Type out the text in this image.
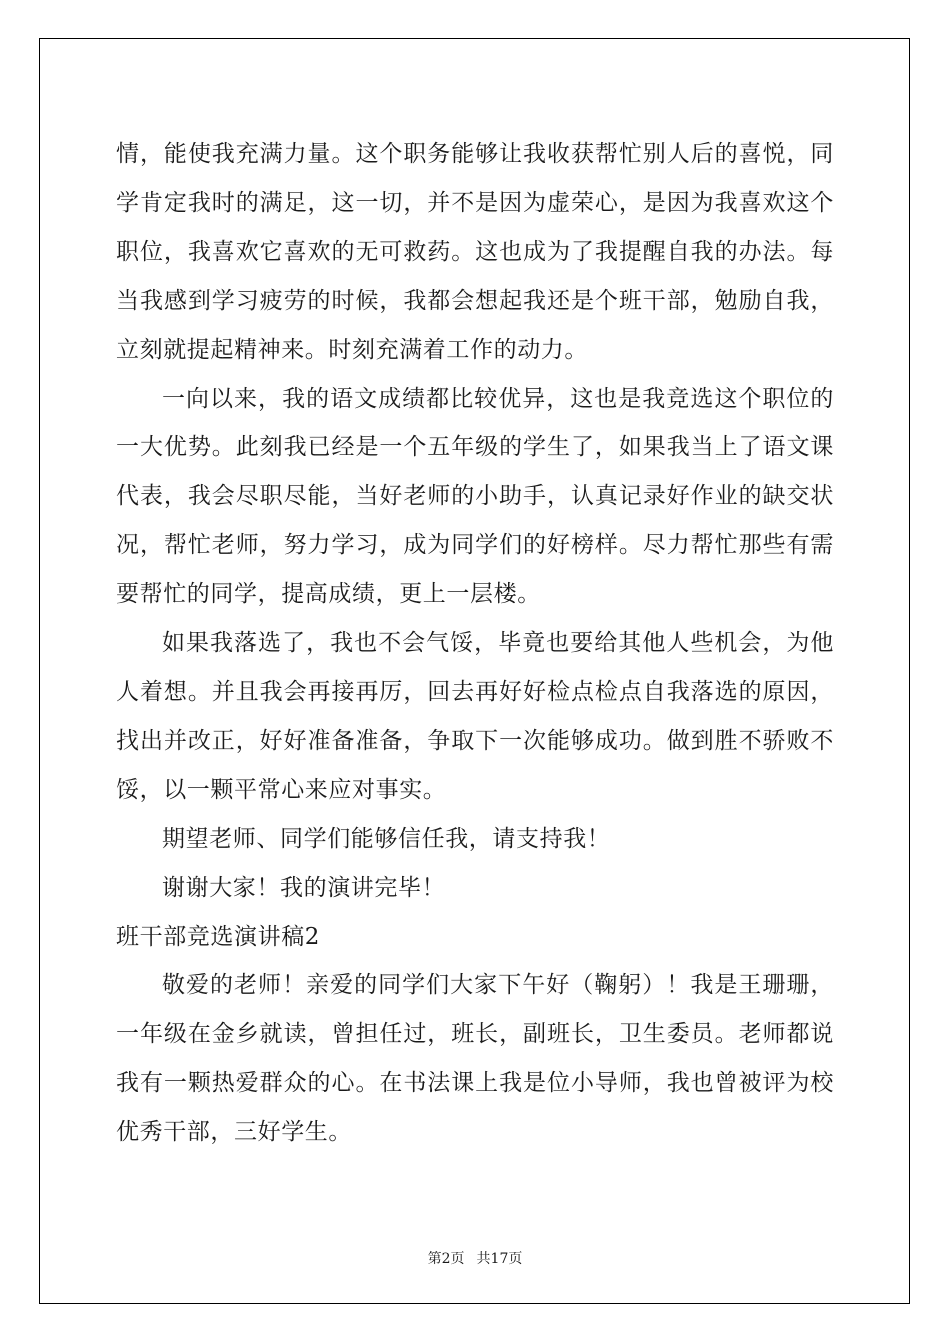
情，能使我充满力量。这个职务能够让我收获帮忙别人后的喜悦，同学肯定我时的满足，这一切，并不是因为虚荣心，是因为我喜欢这个职位，我喜欢它喜欢的无可救药。这也成为了我提醒自我的办法。每当我感到学习疲劳的时候，我都会想起我还是个班干部，勉励自我，立刻就提起精神来。时刻充满着工作的动力。

一向以来，我的语文成绩都比较优异，这也是我竞选这个职位的一大优势。此刻我已经是一个五年级的学生了，如果我当上了语文课代表，我会尽职尽能，当好老师的小助手，认真记录好作业的缺交状况，帮忙老师，努力学习，成为同学们的好榜样。尽力帮忙那些有需要帮忙的同学，提高成绩，更上一层楼。

如果我落选了，我也不会气馁，毕竟也要给其他人些机会，为他人着想。并且我会再接再厉，回去再好好检点检点自我落选的原因，找出并改正，好好准备准备，争取下一次能够成功。做到胜不骄败不馁，以一颗平常心来应对事实。

期望老师、同学们能够信任我，请支持我！

谢谢大家！我的演讲完毕！

班干部竞选演讲稿2

敬爱的老师！亲爱的同学们大家下午好（鞠躬）！我是王珊珊，一年级在金乡就读，曾担任过，班长，副班长，卫生委员。老师都说我有一颗热爱群众的心。在书法课上我是位小导师，我也曾被评为校优秀干部，三好学生。

第2页 共17页
